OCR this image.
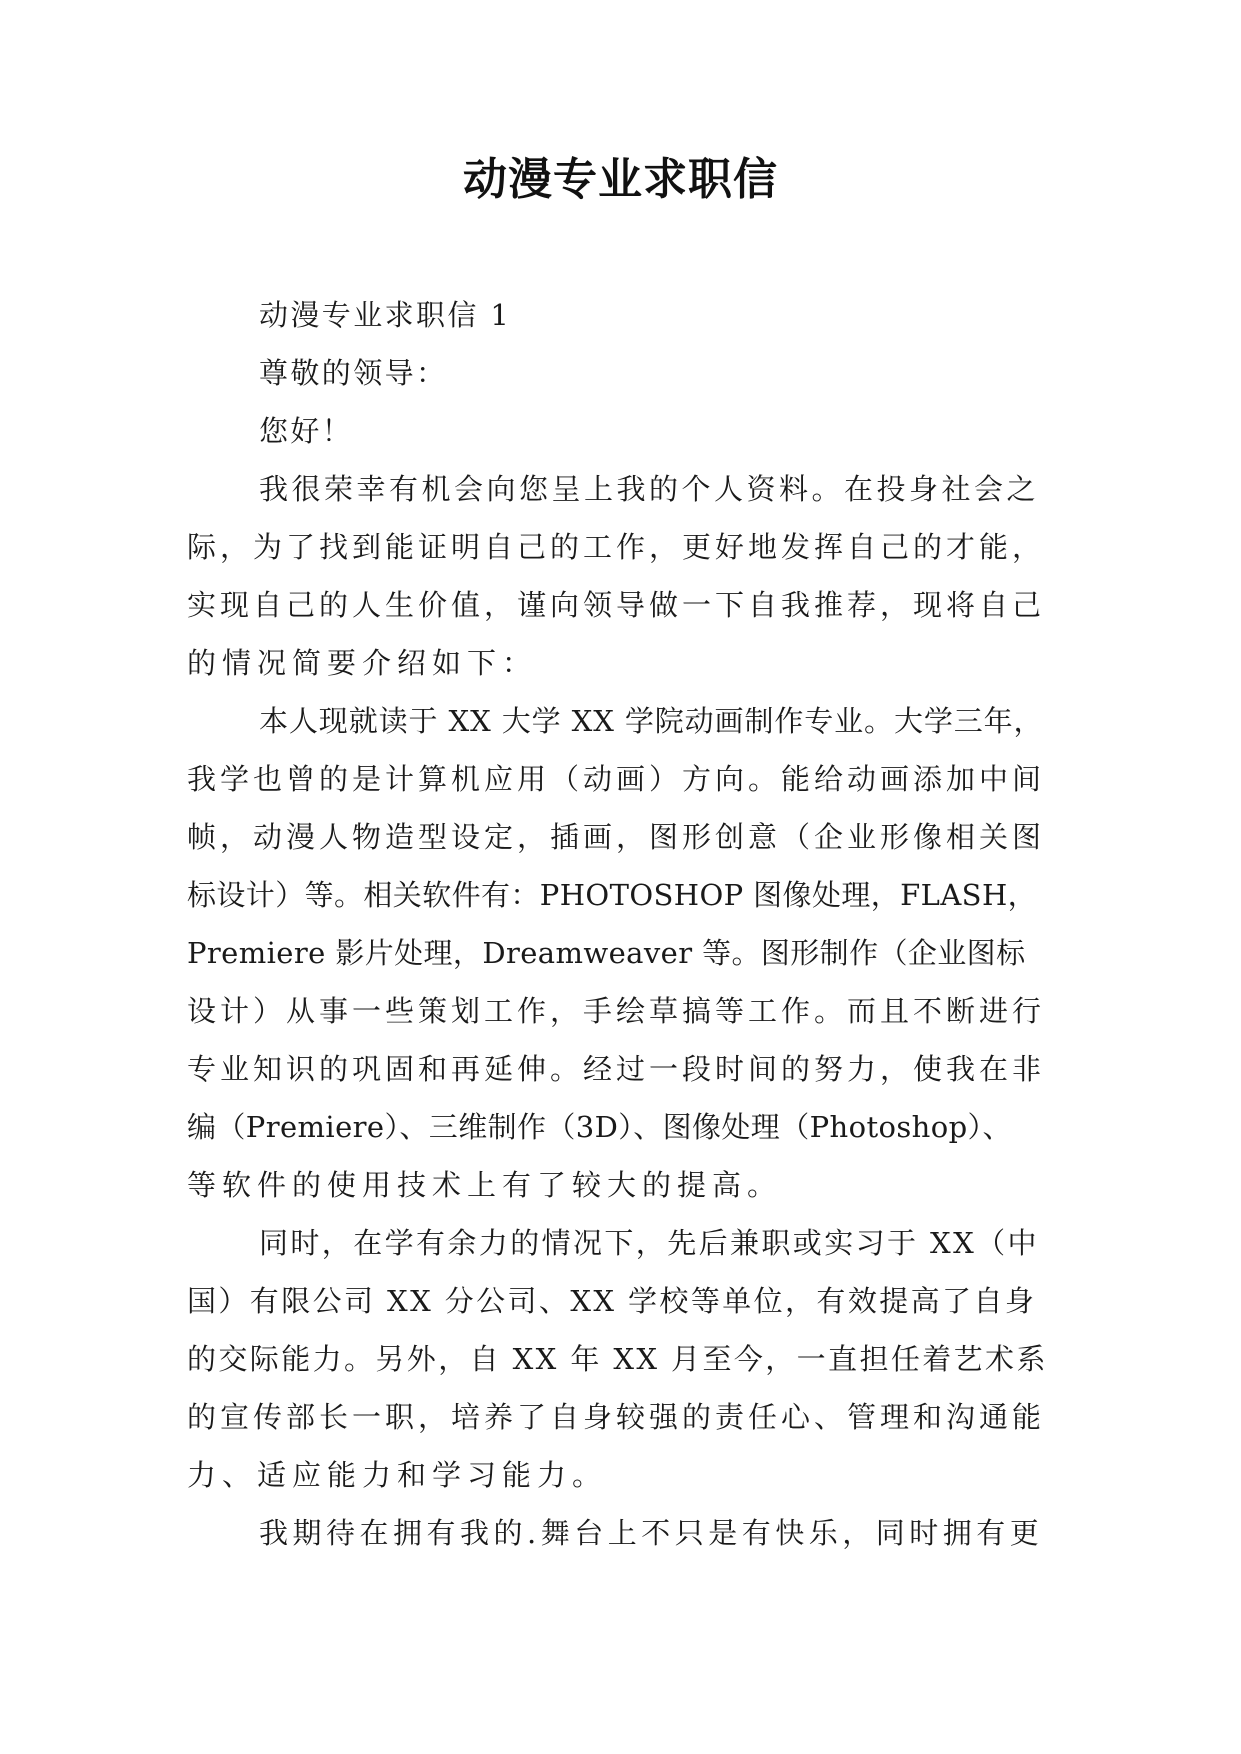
动漫专业求职信
动漫专业求职信 1
尊敬的领导：
您好！
我很荣幸有机会向您呈上我的个人资料。在投身社会之
际，为了找到能证明自己的工作，更好地发挥自己的才能，
实现自己的人生价值，谨向领导做一下自我推荐，现将自己
的情况简要介绍如下：
本人现就读于 XX 大学 XX 学院动画制作专业。大学三年，
我学也曾的是计算机应用（动画）方向。能给动画添加中间
帧，动漫人物造型设定，插画，图形创意（企业形像相关图
标设计）等。相关软件有：PHOTOSHOP 图像处理，FLASH，
Premiere 影片处理，Dreamweaver 等。图形制作（企业图标
设计）从事一些策划工作，手绘草搞等工作。而且不断进行
专业知识的巩固和再延伸。经过一段时间的努力，使我在非
编（Premiere）、三维制作（3D）、图像处理（Photoshop）、
等软件的使用技术上有了较大的提高。
同时，在学有余力的情况下，先后兼职或实习于 XX（中
国）有限公司 XX 分公司、XX 学校等单位，有效提高了自身
的交际能力。另外，自 XX 年 XX 月至今，一直担任着艺术系
的宣传部长一职，培养了自身较强的责任心、管理和沟通能
力、适应能力和学习能力。
我期待在拥有我的.舞台上不只是有快乐，同时拥有更
